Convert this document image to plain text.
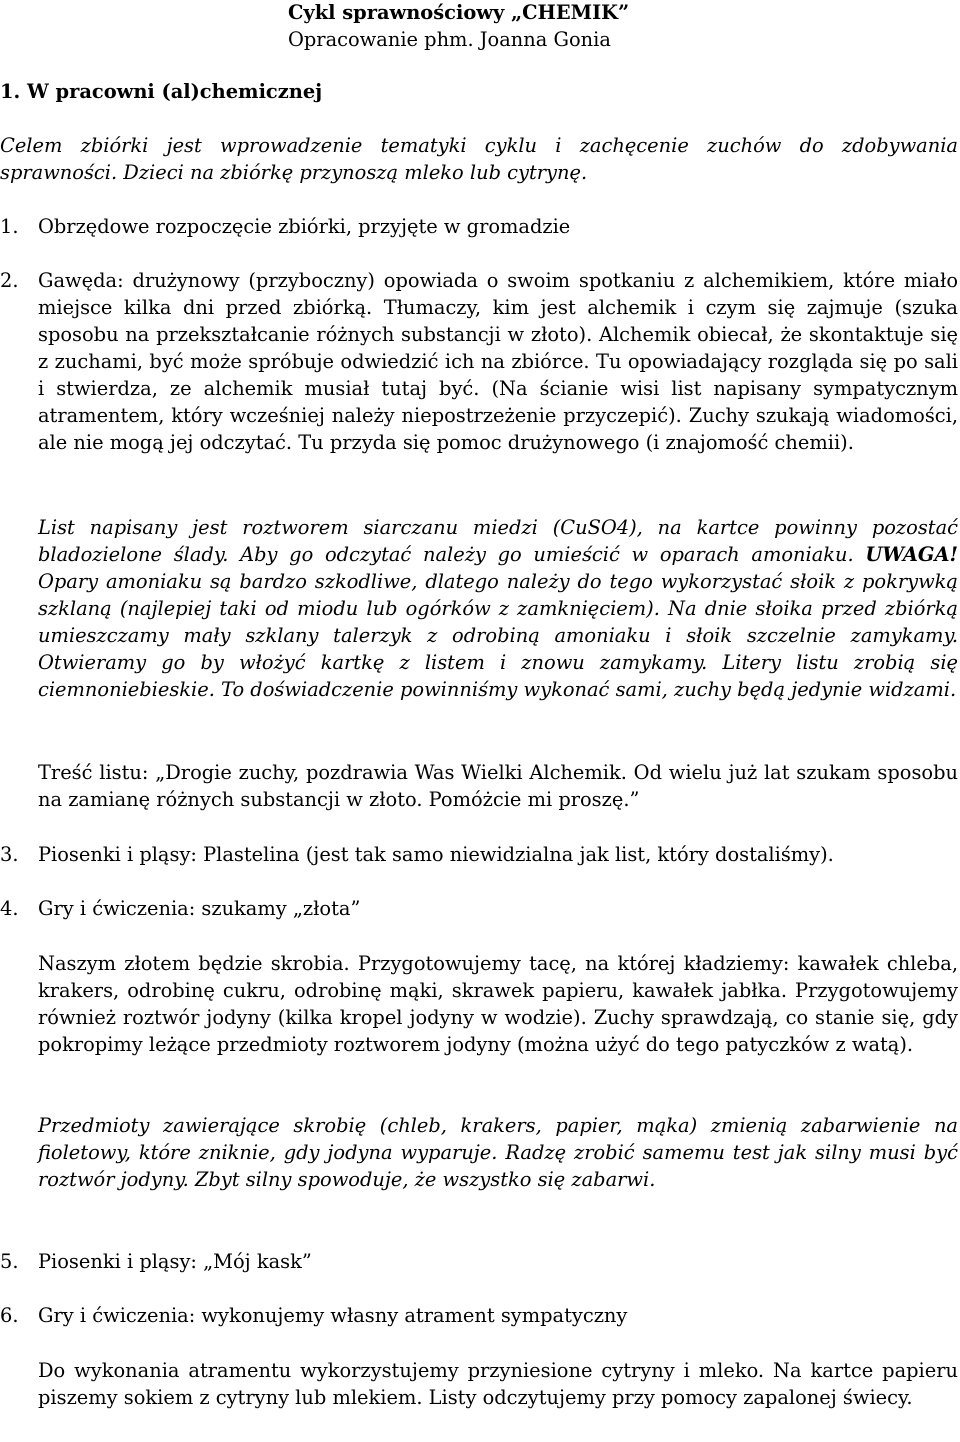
Cykl sprawnościowy „CHEMIK”
Opracowanie phm. Joanna Gonia
1. W pracowni (al)chemicznej
Celem zbiórki jest wprowadzenie tematyki cyklu i zachęcenie zuchów do zdobywania sprawności. Dzieci na zbiórkę przynoszą mleko lub cytrynę.
1. Obrzędowe rozpoczęcie zbiórki, przyjęte w gromadzie
2. Gawęda: drużynowy (przyboczny) opowiada o swoim spotkaniu z alchemikiem, które miało miejsce kilka dni przed zbiórką. Tłumaczy, kim jest alchemik i czym się zajmuje (szuka sposobu na przekształcanie różnych substancji w złoto). Alchemik obiecał, że skontaktuje się z zuchami, być może spróbuje odwiedzić ich na zbiórce. Tu opowiadający rozgląda się po sali i stwierdza, ze alchemik musiał tutaj być. (Na ścianie wisi list napisany sympatycznym atramentem, który wcześniej należy niepostrzeżenie przyczepić). Zuchy szukają wiadomości, ale nie mogą jej odczytać. Tu przyda się pomoc drużynowego (i znajomość chemii).
List napisany jest roztworem siarczanu miedzi (CuSO4), na kartce powinny pozostać bladozielone ślady. Aby go odczytać należy go umieścić w oparach amoniaku. UWAGA! Opary amoniaku są bardzo szkodliwe, dlatego należy do tego wykorzystać słoik z pokrywką szklaną (najlepiej taki od miodu lub ogórków z zamknięciem). Na dnie słoika przed zbiórką umieszczamy mały szklany talerzyk z odrobiną amoniaku i słoik szczelnie zamykamy. Otwieramy go by włożyć kartkę z listem i znowu zamykamy. Litery listu zrobią się ciemnoniebieskie. To doświadczenie powinniśmy wykonać sami, zuchy będą jedynie widzami.
Treść listu: „Drogie zuchy, pozdrawia Was Wielki Alchemik. Od wielu już lat szukam sposobu na zamianę różnych substancji w złoto. Pomóżcie mi proszę.”
3. Piosenki i pląsy: Plastelina (jest tak samo niewidzialna jak list, który dostaliśmy).
4. Gry i ćwiczenia: szukamy „złota”
Naszym złotem będzie skrobia. Przygotowujemy tacę, na której kładziemy: kawałek chleba, krakers, odrobinę cukru, odrobinę mąki, skrawek papieru, kawałek jabłka. Przygotowujemy również roztwór jodyny (kilka kropel jodyny w wodzie). Zuchy sprawdzają, co stanie się, gdy pokropimy leżące przedmioty roztworem jodyny (można użyć do tego patyczków z watą).
Przedmioty zawierające skrobię (chleb, krakers, papier, mąka) zmienią zabarwienie na fioletowy, które zniknie, gdy jodyna wyparuje. Radzę zrobić samemu test jak silny musi być roztwór jodyny. Zbyt silny spowoduje, że wszystko się zabarwi.
5. Piosenki i pląsy: „Mój kask”
6. Gry i ćwiczenia: wykonujemy własny atrament sympatyczny
Do wykonania atramentu wykorzystujemy przyniesione cytryny i mleko. Na kartce papieru piszemy sokiem z cytryny lub mlekiem. Listy odczytujemy przy pomocy zapalonej świecy.
